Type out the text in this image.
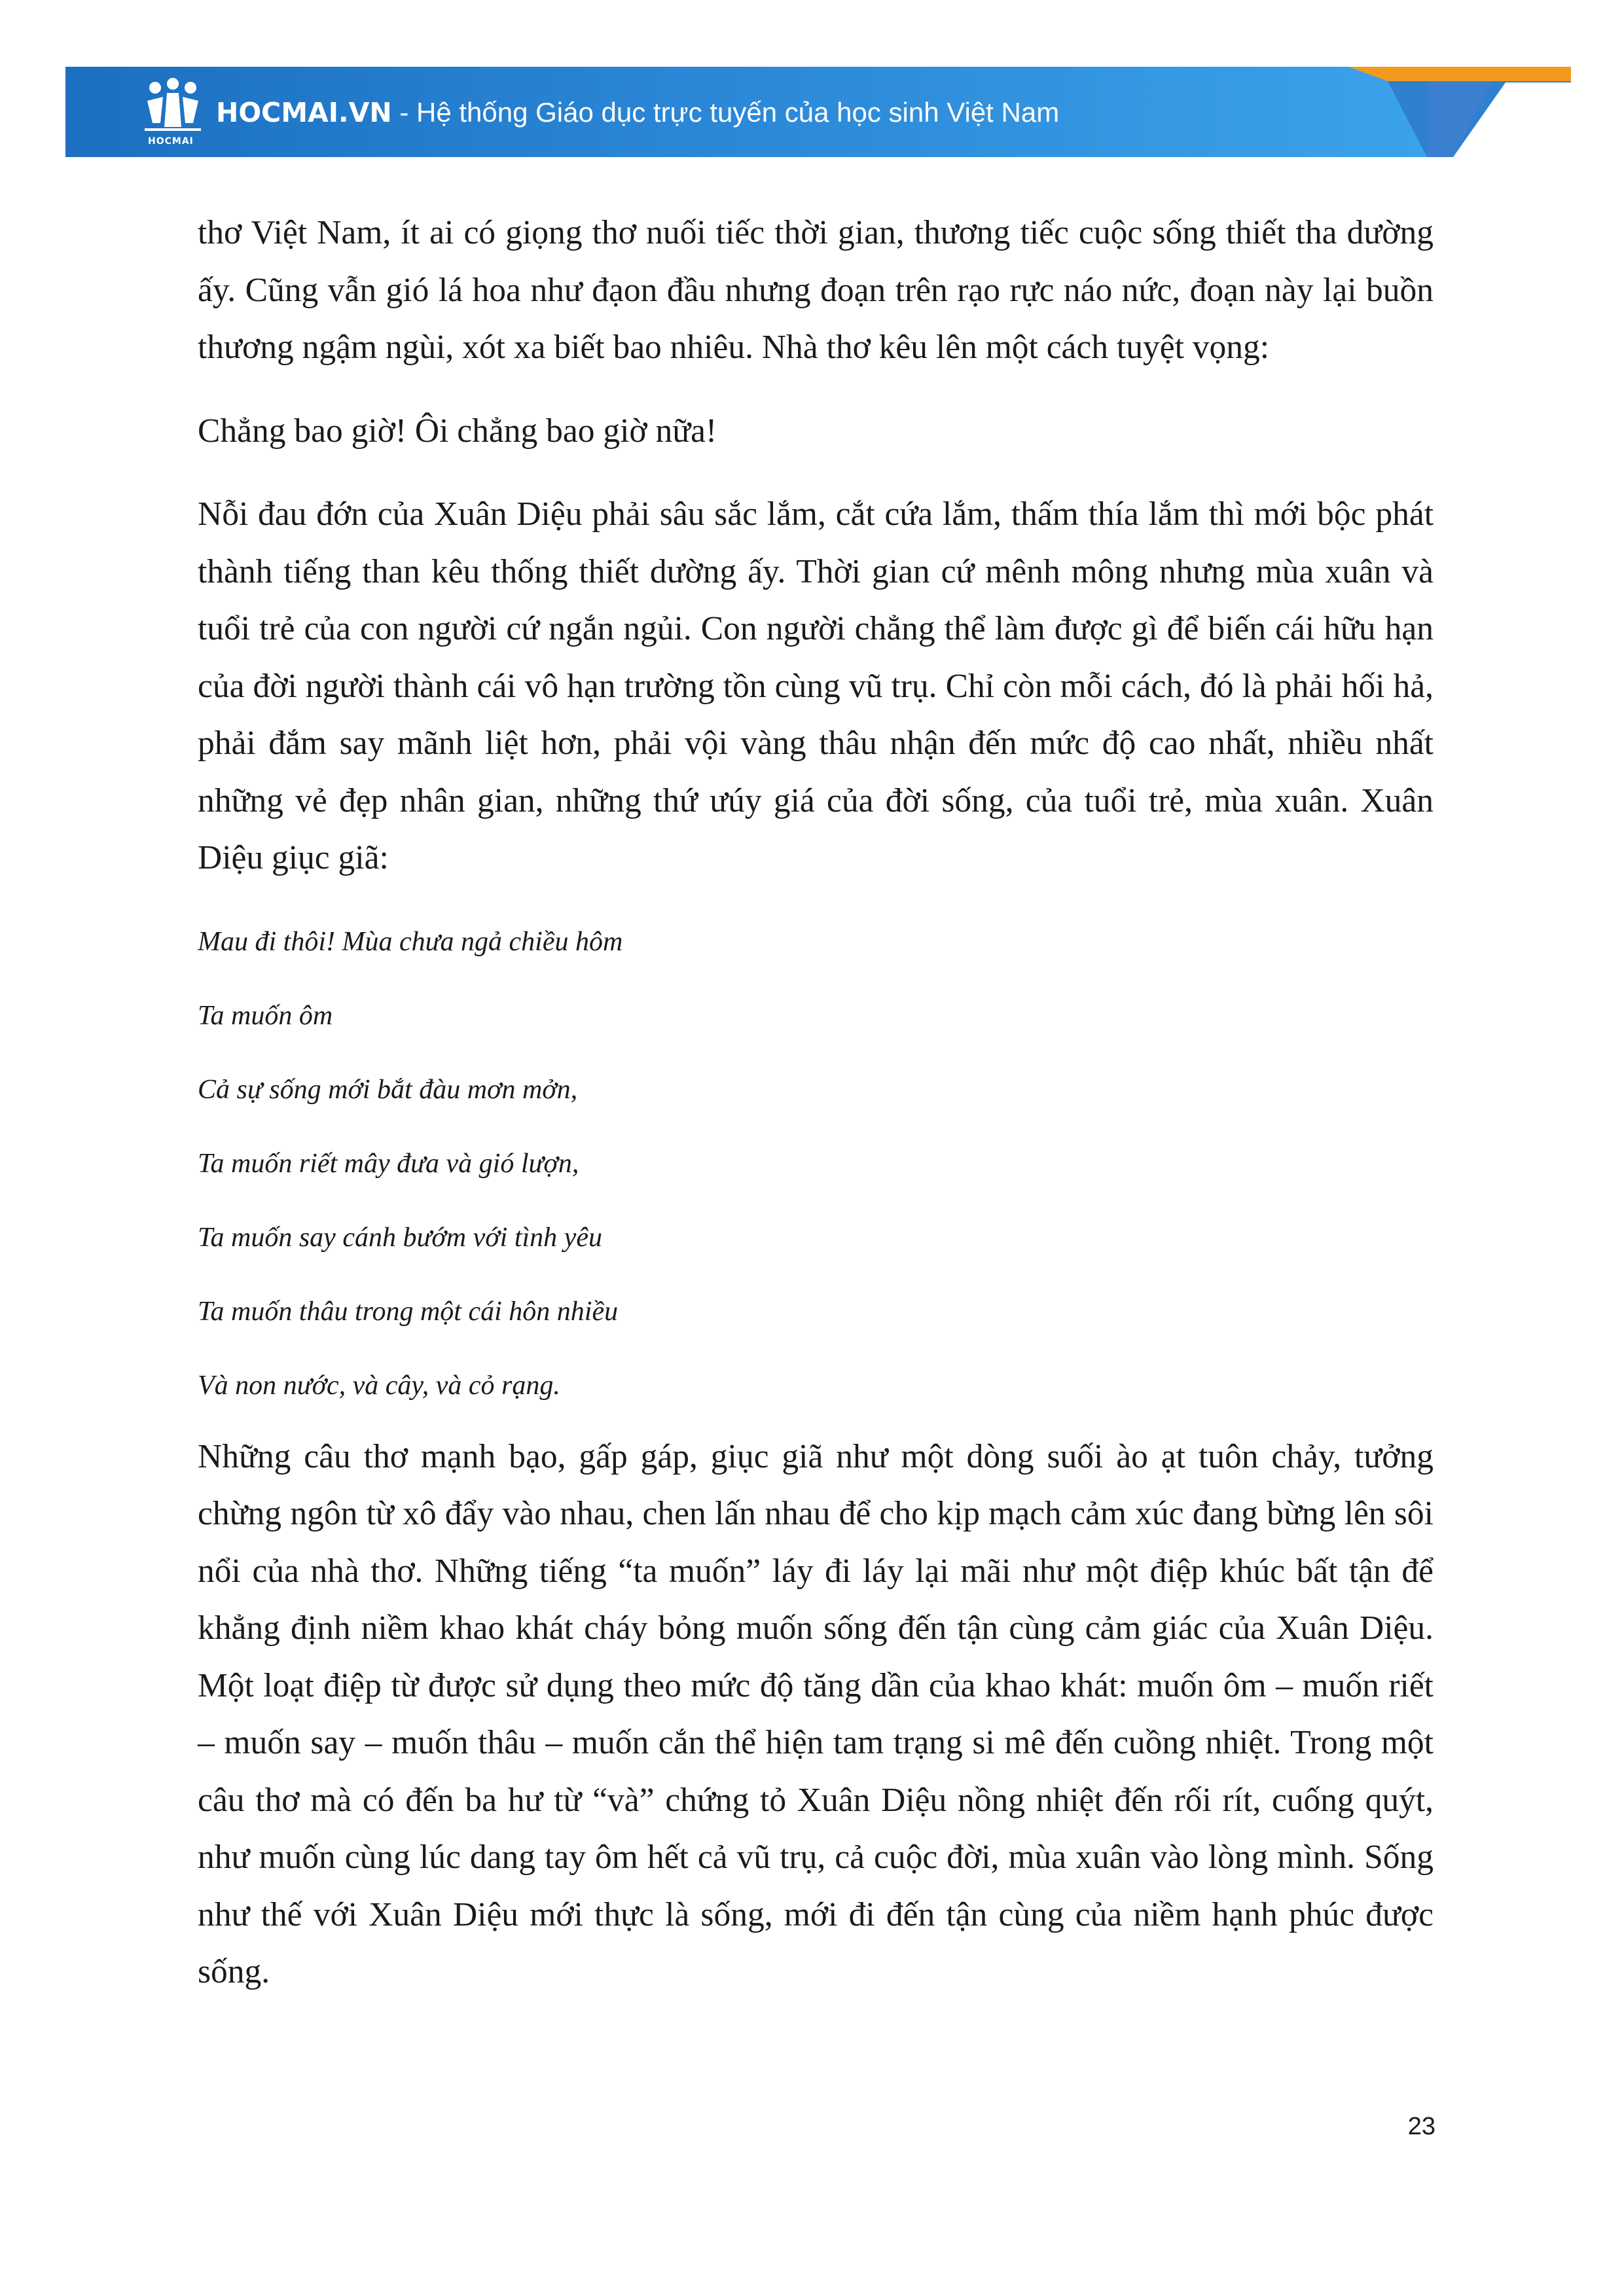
HOCMAI
HOCMAI.VN - Hệ thống Giáo dục trực tuyến của học sinh Việt Nam

thơ Việt Nam, ít ai có giọng thơ nuối tiếc thời gian, thương tiếc cuộc sống thiết tha dường ấy. Cũng vẫn gió lá hoa như đạon đầu nhưng đoạn trên rạo rực náo nức, đoạn này lại buồn thương ngậm ngùi, xót xa biết bao nhiêu. Nhà thơ kêu lên một cách tuyệt vọng:

Chẳng bao giờ! Ôi chẳng bao giờ nữa!

Nỗi đau đớn của Xuân Diệu phải sâu sắc lắm, cắt cứa lắm, thấm thía lắm thì mới bộc phát thành tiếng than kêu thống thiết dường ấy. Thời gian cứ mênh mông nhưng mùa xuân và tuổi trẻ của con người cứ ngắn ngủi. Con người chẳng thể làm được gì để biến cái hữu hạn của đời người thành cái vô hạn trường tồn cùng vũ trụ. Chỉ còn mỗi cách, đó là phải hối hả, phải đắm say mãnh liệt hơn, phải vội vàng thâu nhận đến mức độ cao nhất, nhiều nhất những vẻ đẹp nhân gian, những thứ ưúy giá của đời sống, của tuổi trẻ, mùa xuân. Xuân Diệu giục giã:

Mau đi thôi! Mùa chưa ngả chiều hôm

Ta muốn ôm

Cả sự sống mới bắt đàu mơn mởn,

Ta muốn riết mây đưa và gió lượn,

Ta muốn say cánh bướm với tình yêu

Ta muốn thâu trong một cái hôn nhiều

Và non nước, và cây, và cỏ rạng.

Những câu thơ mạnh bạo, gấp gáp, giục giã như một dòng suối ào ạt tuôn chảy, tưởng chừng ngôn từ xô đẩy vào nhau, chen lấn nhau để cho kịp mạch cảm xúc đang bừng lên sôi nổi của nhà thơ. Những tiếng “ta muốn” láy đi láy lại mãi như một điệp khúc bất tận để khẳng định niềm khao khát cháy bỏng muốn sống đến tận cùng cảm giác của Xuân Diệu. Một loạt điệp từ được sử dụng theo mức độ tăng dần của khao khát: muốn ôm – muốn riết – muốn say – muốn thâu – muốn cắn thể hiện tam trạng si mê đến cuồng nhiệt. Trong một câu thơ mà có đến ba hư từ “và” chứng tỏ Xuân Diệu nồng nhiệt đến rối rít, cuống quýt, như muốn cùng lúc dang tay ôm hết cả vũ trụ, cả cuộc đời, mùa xuân vào lòng mình. Sống như thế với Xuân Diệu mới thực là sống, mới đi đến tận cùng của niềm hạnh phúc được sống.

23
